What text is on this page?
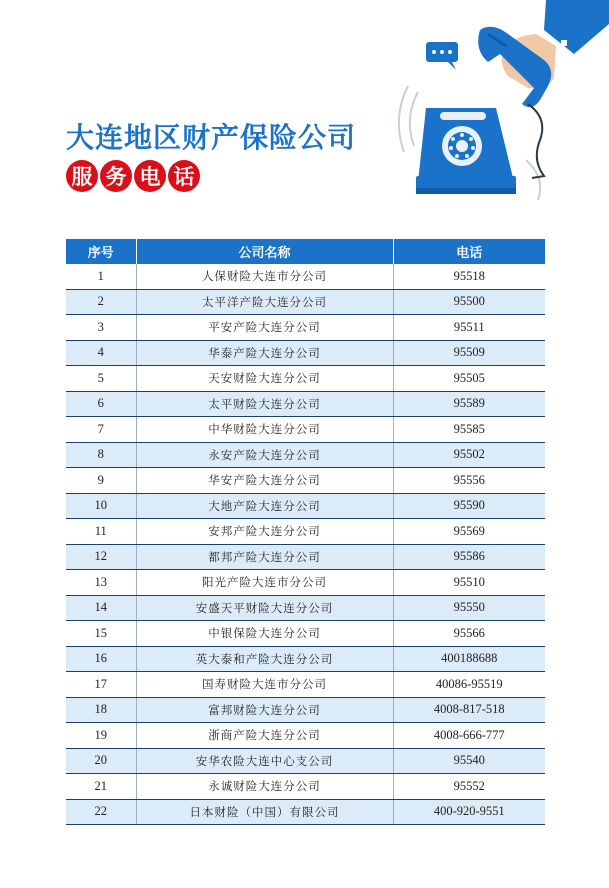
大连地区财产保险公司
服 务 电 话
序号	公司名称	电话
1	人保财险大连市分公司	95518
2	太平洋产险大连分公司	95500
3	平安产险大连分公司	95511
4	华泰产险大连分公司	95509
5	天安财险大连分公司	95505
6	太平财险大连分公司	95589
7	中华财险大连分公司	95585
8	永安产险大连分公司	95502
9	华安产险大连分公司	95556
10	大地产险大连分公司	95590
11	安邦产险大连分公司	95569
12	都邦产险大连分公司	95586
13	阳光产险大连市分公司	95510
14	安盛天平财险大连分公司	95550
15	中银保险大连分公司	95566
16	英大泰和产险大连分公司	400188688
17	国寿财险大连市分公司	40086-95519
18	富邦财险大连分公司	4008-817-518
19	浙商产险大连分公司	4008-666-777
20	安华农险大连中心支公司	95540
21	永诚财险大连分公司	95552
22	日本财险（中国）有限公司	400-920-9551
